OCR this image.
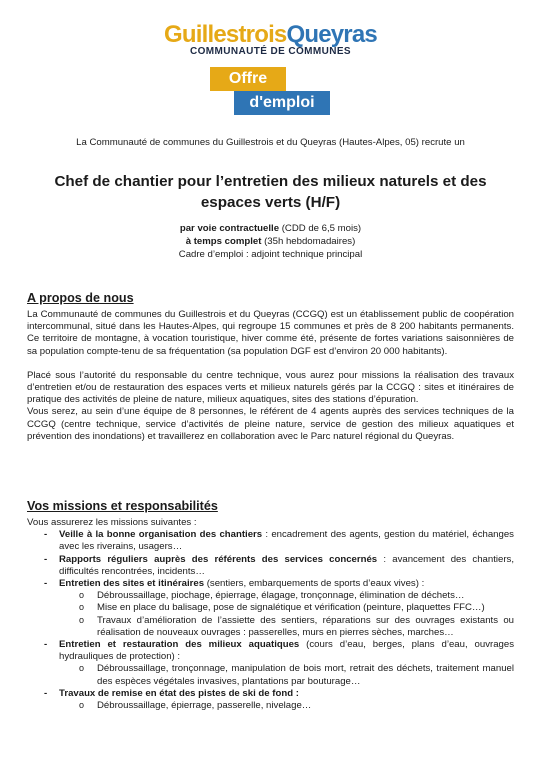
GuillestroisQueyras
COMMUNAUTÉ DE COMMUNES
Offre
d'emploi
La Communauté de communes du Guillestrois et du Queyras (Hautes-Alpes, 05) recrute un
Chef de chantier pour l’entretien des milieux naturels et des espaces verts (H/F)
par voie contractuelle (CDD de 6,5 mois)
à temps complet (35h hebdomadaires)
Cadre d’emploi : adjoint technique principal
A propos de nous

La Communauté de communes du Guillestrois et du Queyras (CCGQ) est un établissement public de coopération intercommunal, situé dans les Hautes-Alpes, qui regroupe 15 communes et près de 8 200 habitants permanents. Ce territoire de montagne, à vocation touristique, hiver comme été, présente de fortes variations saisonnières de sa population compte-tenu de sa fréquentation (sa population DGF est d’environ 20 000 habitants).

Placé sous l’autorité du responsable du centre technique, vous aurez pour missions la réalisation des travaux d’entretien et/ou de restauration des espaces verts et milieux naturels gérés par la CCGQ : sites et itinéraires de pratique des activités de pleine de nature, milieux aquatiques, sites des stations d’épuration.

Vous serez, au sein d’une équipe de 8 personnes, le référent de 4 agents auprès des services techniques de la CCGQ (centre technique, service d’activités de pleine nature, service de gestion des milieux aquatiques et prévention des inondations) et travaillerez en collaboration avec le Parc naturel régional du Queyras.

Vos missions et responsabilités
Vous assurerez les missions suivantes :
- Veille à la bonne organisation des chantiers : encadrement des agents, gestion du matériel, échanges avec les riverains, usagers…
- Rapports réguliers auprès des référents des services concernés : avancement des chantiers, difficultés rencontrées, incidents…
- Entretien des sites et itinéraires (sentiers, embarquements de sports d’eaux vives) :
o Débroussaillage, piochage, épierrage, élagage, tronçonnage, élimination de déchets…
o Mise en place du balisage, pose de signalétique et vérification (peinture, plaquettes FFC…)
o Travaux d’amélioration de l’assiette des sentiers, réparations sur des ouvrages existants ou réalisation de nouveaux ouvrages : passerelles, murs en pierres sèches, marches…
- Entretien et restauration des milieux aquatiques (cours d’eau, berges, plans d’eau, ouvrages hydrauliques de protection) :
o Débroussaillage, tronçonnage, manipulation de bois mort, retrait des déchets, traitement manuel des espèces végétales invasives, plantations par bouturage…
- Travaux de remise en état des pistes de ski de fond :
o Débroussaillage, épierrage, passerelle, nivelage…
